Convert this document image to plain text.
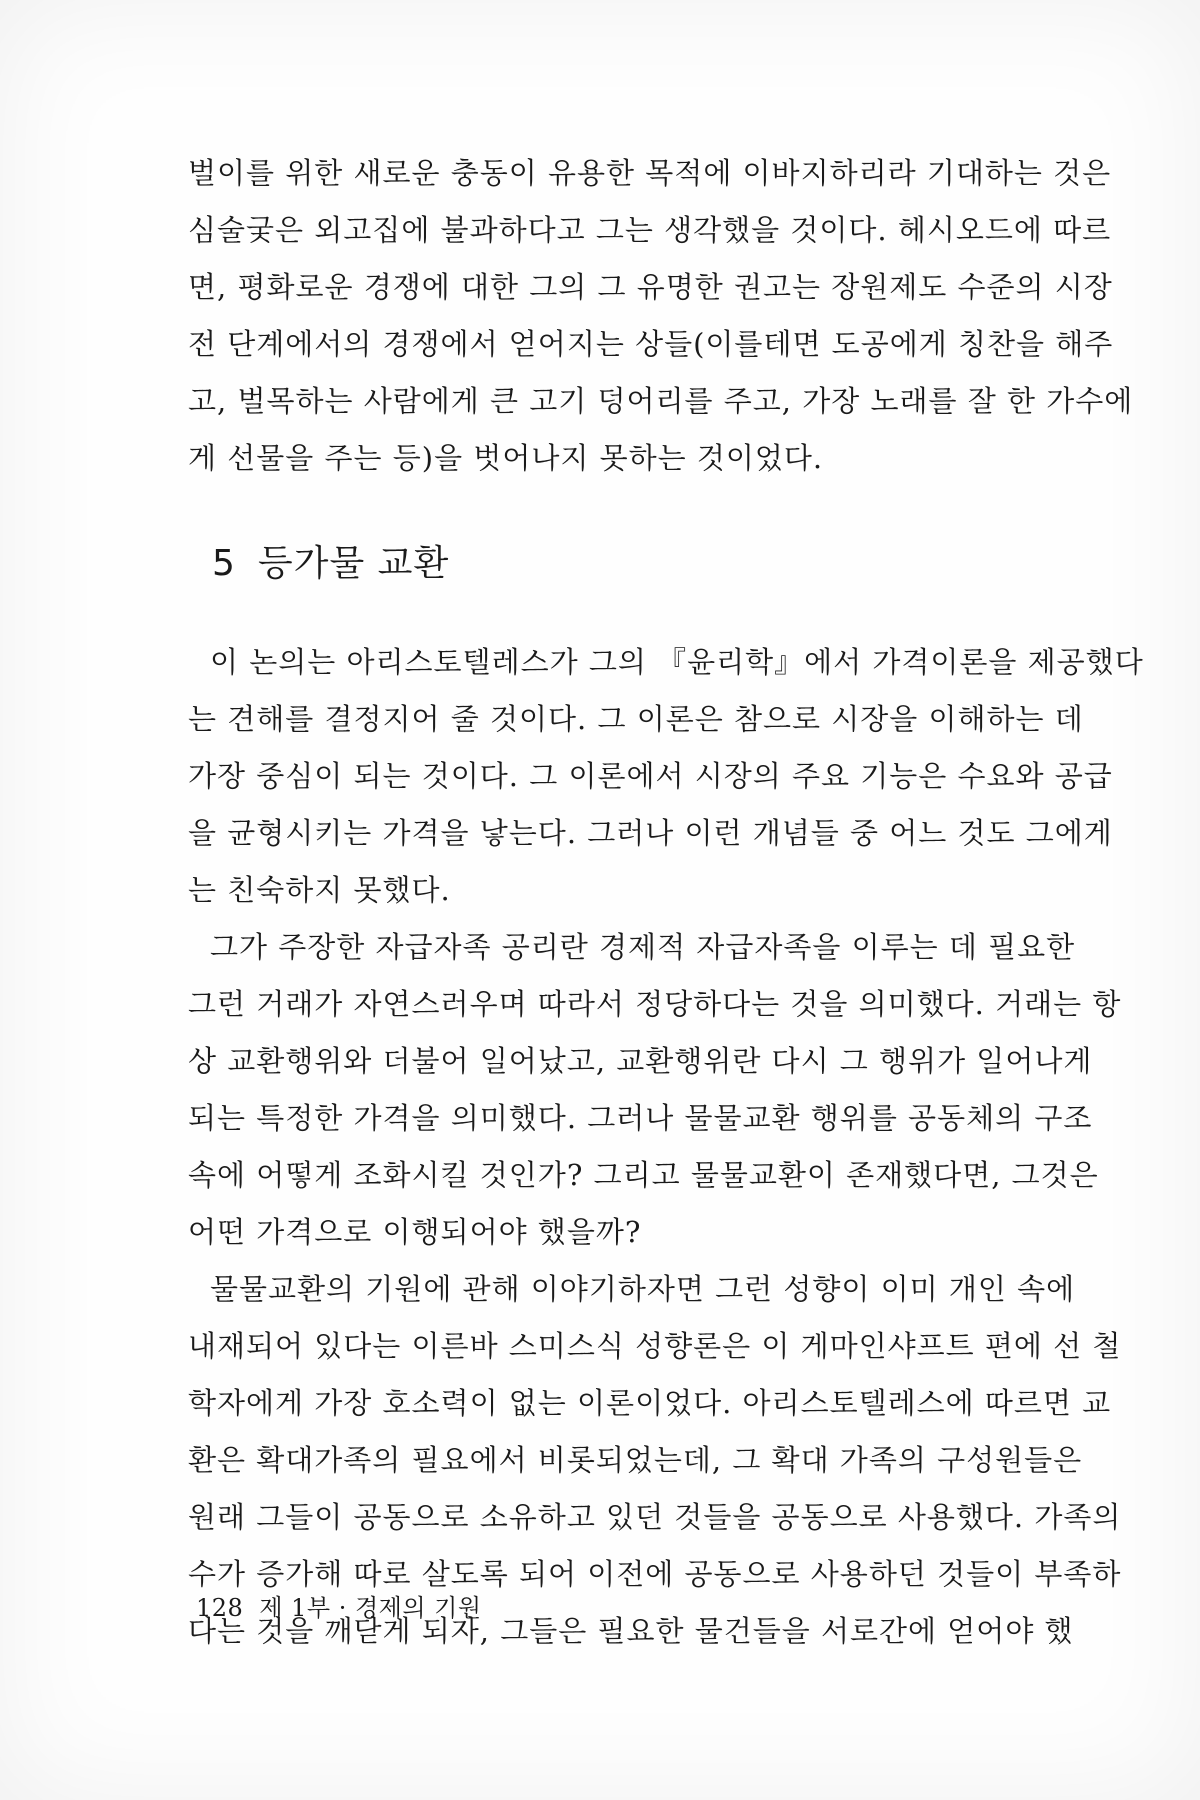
벌이를 위한 새로운 충동이 유용한 목적에 이바지하리라 기대하는 것은
심술궂은 외고집에 불과하다고 그는 생각했을 것이다. 헤시오드에 따르
면, 평화로운 경쟁에 대한 그의 그 유명한 권고는 장원제도 수준의 시장
전 단계에서의 경쟁에서 얻어지는 상들(이를테면 도공에게 칭찬을 해주
고, 벌목하는 사람에게 큰 고기 덩어리를 주고, 가장 노래를 잘 한 가수에
게 선물을 주는 등)을 벗어나지 못하는 것이었다.

5 등가물 교환

이 논의는 아리스토텔레스가 그의 『윤리학』에서 가격이론을 제공했다
는 견해를 결정지어 줄 것이다. 그 이론은 참으로 시장을 이해하는 데
가장 중심이 되는 것이다. 그 이론에서 시장의 주요 기능은 수요와 공급
을 균형시키는 가격을 낳는다. 그러나 이런 개념들 중 어느 것도 그에게
는 친숙하지 못했다.

그가 주장한 자급자족 공리란 경제적 자급자족을 이루는 데 필요한
그런 거래가 자연스러우며 따라서 정당하다는 것을 의미했다. 거래는 항
상 교환행위와 더불어 일어났고, 교환행위란 다시 그 행위가 일어나게
되는 특정한 가격을 의미했다. 그러나 물물교환 행위를 공동체의 구조
속에 어떻게 조화시킬 것인가? 그리고 물물교환이 존재했다면, 그것은
어떤 가격으로 이행되어야 했을까?

물물교환의 기원에 관해 이야기하자면 그런 성향이 이미 개인 속에
내재되어 있다는 이른바 스미스식 성향론은 이 게마인샤프트 편에 선 철
학자에게 가장 호소력이 없는 이론이었다. 아리스토텔레스에 따르면 교
환은 확대가족의 필요에서 비롯되었는데, 그 확대 가족의 구성원들은
원래 그들이 공동으로 소유하고 있던 것들을 공동으로 사용했다. 가족의
수가 증가해 따로 살도록 되어 이전에 공동으로 사용하던 것들이 부족하
다는 것을 깨닫게 되자, 그들은 필요한 물건들을 서로간에 얻어야 했

128 제 1부 · 경제의 기원
